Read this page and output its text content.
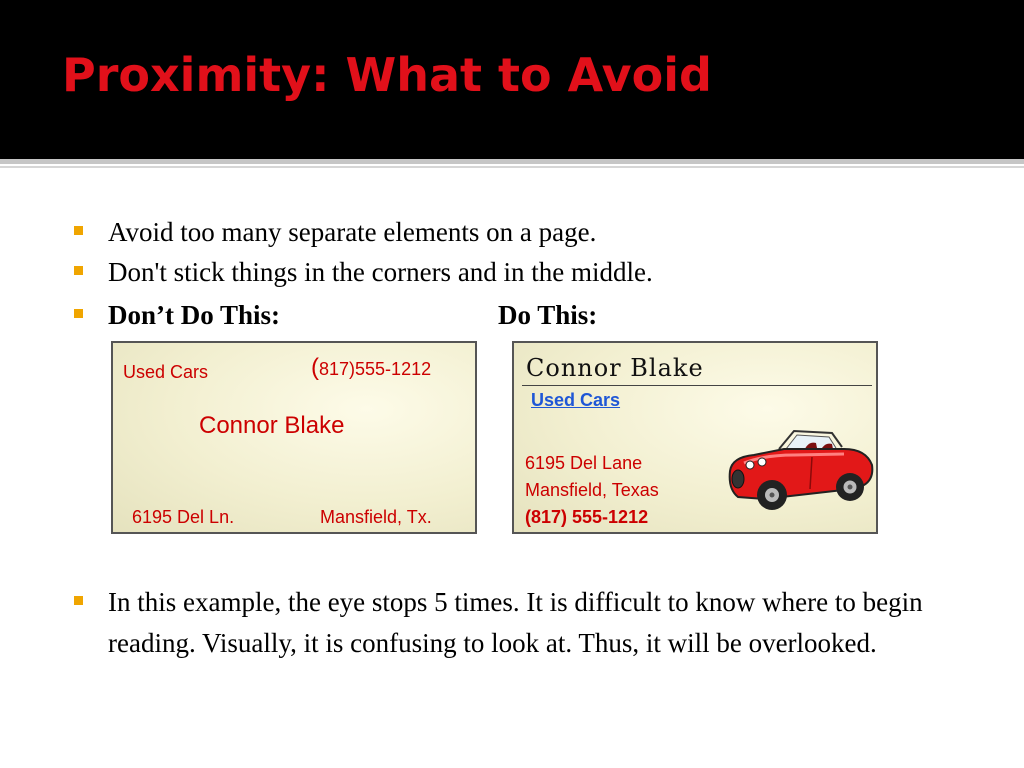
Proximity: What to Avoid
Avoid too many separate elements on a page.
Don't stick things in the corners and in the middle.
Don’t Do This:	Do This:
Used Cars	(817)555-1212
Connor Blake
6195 Del Ln.	Mansfield, Tx.
Connor Blake
Used Cars
6195 Del Lane
Mansfield, Texas
(817) 555-1212
In this example, the eye stops 5 times. It is difficult to know where to begin reading. Visually, it is confusing to look at. Thus, it will be overlooked.
